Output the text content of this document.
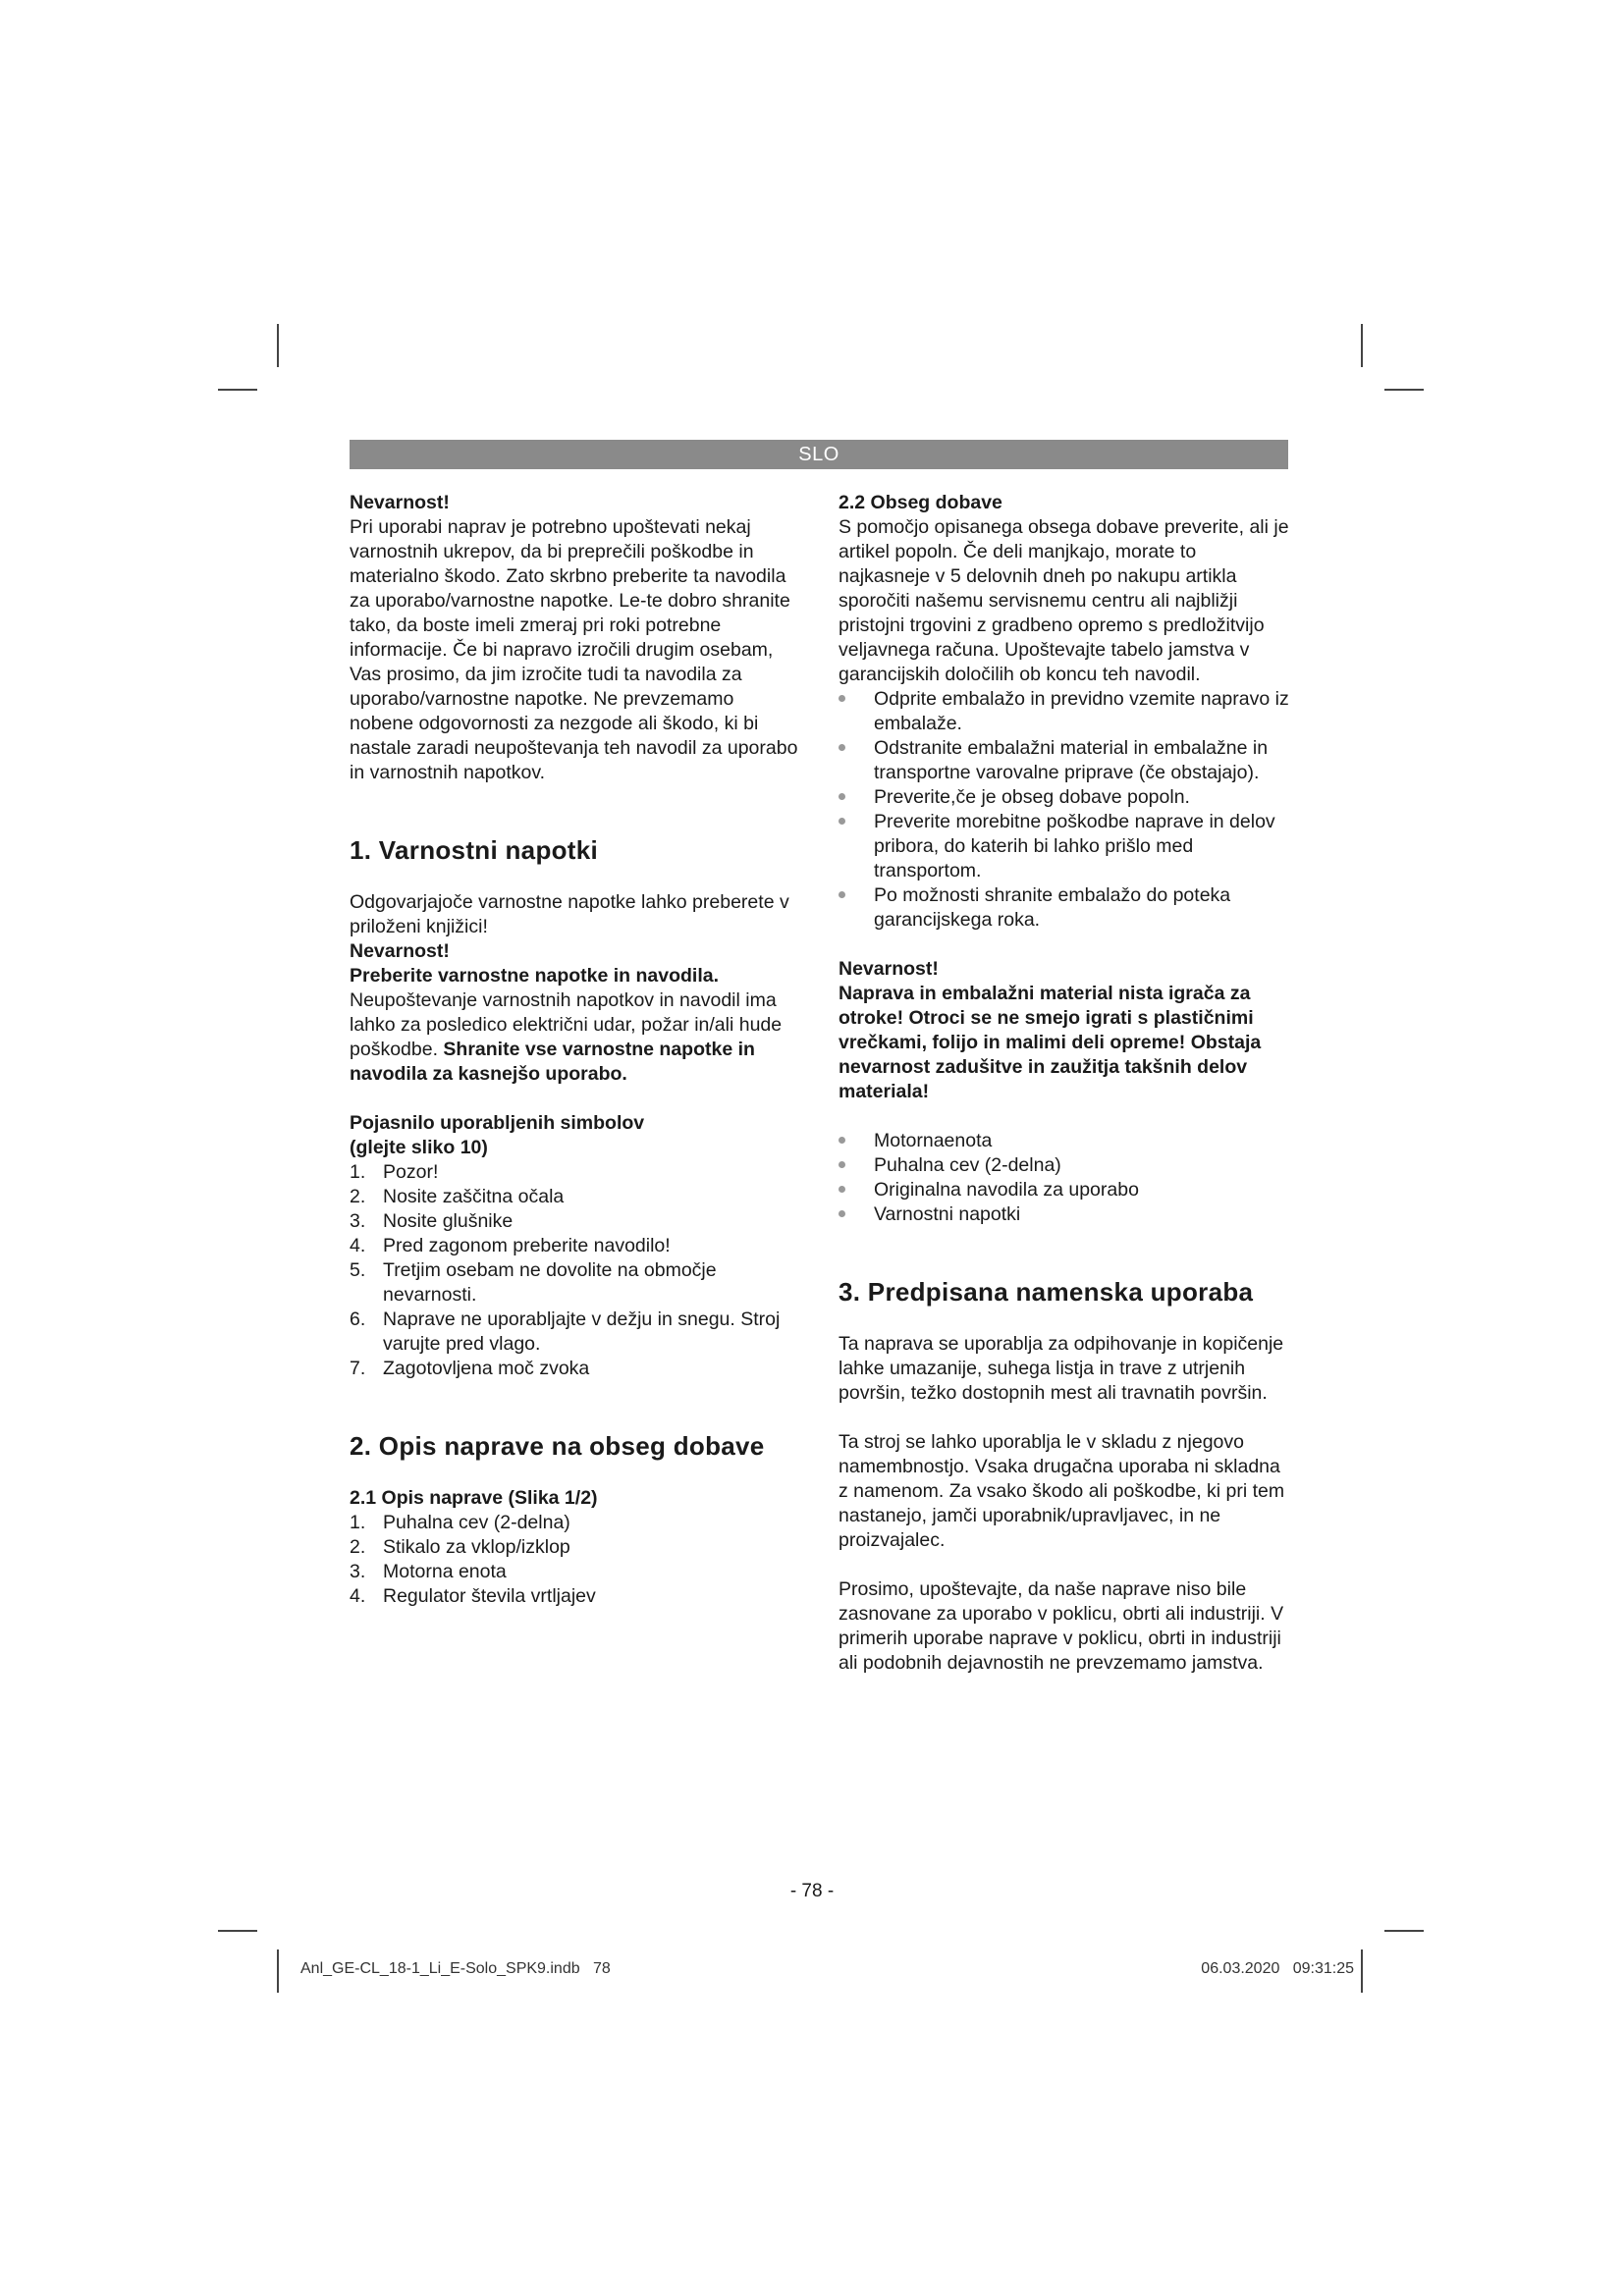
SLO

Nevarnost!

Pri uporabi naprav je potrebno upoštevati nekaj varnostnih ukrepov, da bi preprečili poškodbe in materialno škodo. Zato skrbno preberite ta navodila za uporabo/varnostne napotke. Le-te dobro shranite tako, da boste imeli zmeraj pri roki potrebne informacije. Če bi napravo izročili drugim osebam, Vas prosimo, da jim izročite tudi ta navodila za uporabo/varnostne napotke. Ne prevzemamo nobene odgovornosti za nezgode ali škodo, ki bi nastale zaradi neupoštevanja teh navodil za uporabo in varnostnih napotkov.

1. Varnostni napotki

Odgovarjajoče varnostne napotke lahko preberete v priloženi knjižici!

Nevarnost!

Preberite varnostne napotke in navodila.

Neupoštevanje varnostnih napotkov in navodil ima lahko za posledico električni udar, požar in/ali hude poškodbe. Shranite vse varnostne napotke in navodila za kasnejšo uporabo.

Pojasnilo uporabljenih simbolov

(glejte sliko 10)

1. Pozor!
2. Nosite zaščitna očala
3. Nosite glušnike
4. Pred zagonom preberite navodilo!
5. Tretjim osebam ne dovolite na območje nevarnosti.
6. Naprave ne uporabljajte v dežju in snegu. Stroj varujte pred vlago.
7. Zagotovljena moč zvoka

2. Opis naprave na obseg dobave

2.1 Opis naprave (Slika 1/2)

1. Puhalna cev (2-delna)
2. Stikalo za vklop/izklop
3. Motorna enota
4. Regulator števila vrtljajev

2.2 Obseg dobave

S pomočjo opisanega obsega dobave preverite, ali je artikel popoln. Če deli manjkajo, morate to najkasneje v 5 delovnih dneh po nakupu artikla sporočiti našemu servisnemu centru ali najbližji pristojni trgovini z gradbeno opremo s predložitvijo veljavnega računa. Upoštevajte tabelo jamstva v garancijskih določilih ob koncu teh navodil.

Odprite embalažo in previdno vzemite napravo iz embalaže.
Odstranite embalažni material in embalažne in transportne varovalne priprave (če obstajajo).
Preverite,če je obseg dobave popoln.
Preverite morebitne poškodbe naprave in delov pribora, do katerih bi lahko prišlo med transportom.
Po možnosti shranite embalažo do poteka garancijskega roka.

Nevarnost!

Naprava in embalažni material nista igrača za otroke! Otroci se ne smejo igrati s plastičnimi vrečkami, folijo in malimi deli opreme! Obstaja nevarnost zadušitve in zaužitja takšnih delov materiala!

Motornaenota
Puhalna cev (2-delna)
Originalna navodila za uporabo
Varnostni napotki

3. Predpisana namenska uporaba

Ta naprava se uporablja za odpihovanje in kopičenje lahke umazanije, suhega listja in trave z utrjenih površin, težko dostopnih mest ali travnatih površin.

Ta stroj se lahko uporablja le v skladu z njegovo namembnostjo. Vsaka drugačna uporaba ni skladna z namenom. Za vsako škodo ali poškodbe, ki pri tem nastanejo, jamči uporabnik/upravljavec, in ne proizvajalec.

Prosimo, upoštevajte, da naše naprave niso bile zasnovane za uporabo v poklicu, obrti ali industriji. V primerih uporabe naprave v poklicu, obrti in industriji ali podobnih dejavnostih ne prevzemamo jamstva.

- 78 -
Anl_GE-CL_18-1_Li_E-Solo_SPK9.indb   78	06.03.2020   09:31:25
